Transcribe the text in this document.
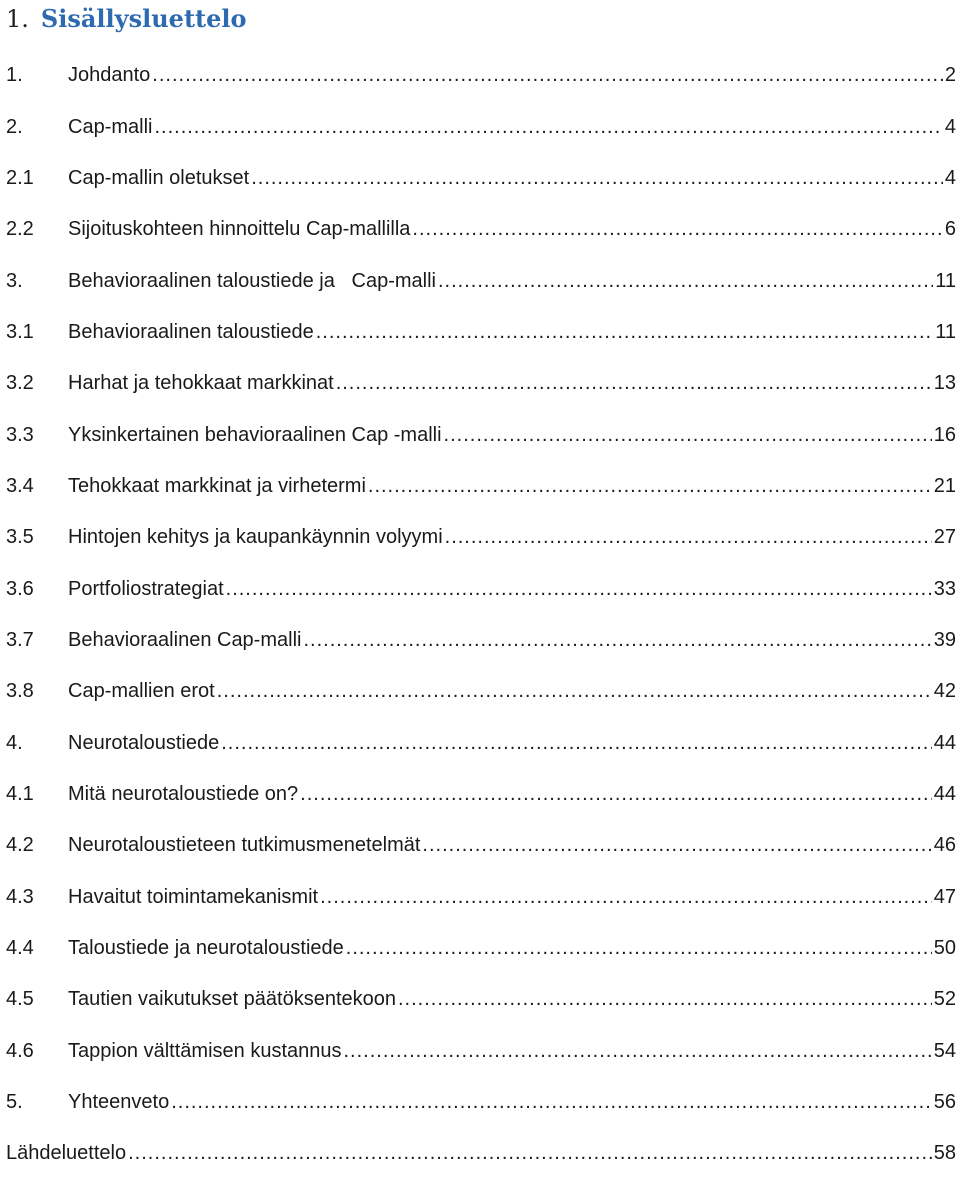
1. Sisällysluettelo
1.	Johdanto .....	2
2.	Cap-malli .....	4
2.1	Cap-mallin oletukset .....	4
2.2	Sijoituskohteen hinnoittelu Cap-mallilla .....	6
3.	Behavioraalinen taloustiede ja   Cap-malli .....	11
3.1	Behavioraalinen taloustiede .....	11
3.2	Harhat ja tehokkaat markkinat .....	13
3.3	Yksinkertainen behavioraalinen Cap -malli .....	16
3.4	Tehokkaat markkinat ja virhetermi .....	21
3.5	Hintojen kehitys ja kaupankäynnin volyymi .....	27
3.6	Portfoliostrategiat .....	33
3.7	Behavioraalinen Cap-malli .....	39
3.8	Cap-mallien erot .....	42
4.	Neurotaloustiede .....	44
4.1	Mitä neurotaloustiede on? .....	44
4.2	Neurotaloustieteen tutkimusmenetelmät .....	46
4.3	Havaitut toimintamekanismit .....	47
4.4	Taloustiede ja neurotaloustiede .....	50
4.5	Tautien vaikutukset päätöksentekoon .....	52
4.6	Tappion välttämisen kustannus .....	54
5.	Yhteenveto .....	56
Lähdeluettelo .....	58
